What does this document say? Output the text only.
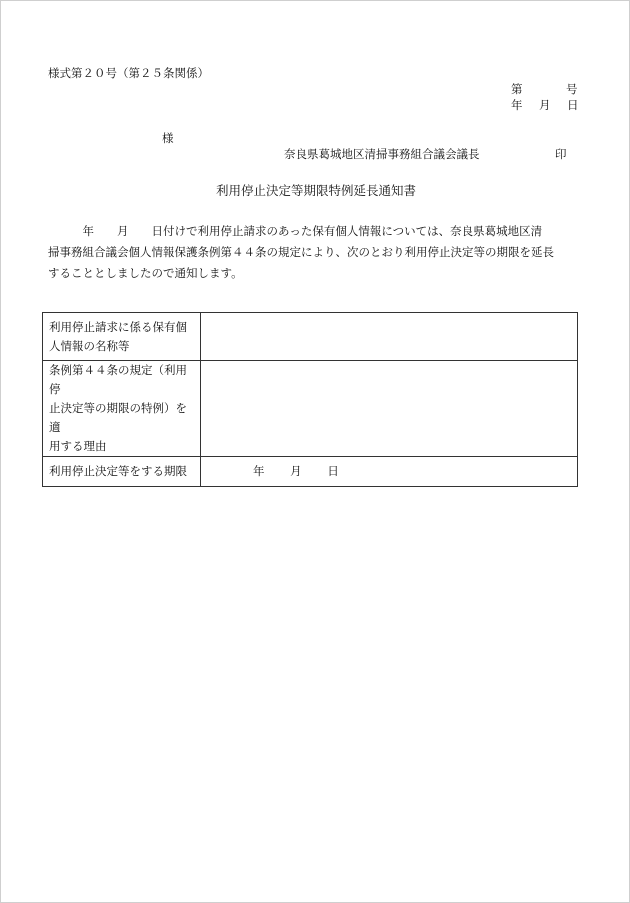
様式第２０号（第２５条関係）
第	号
年 月 日
様
奈良県葛城地区清掃事務組合議会議長	印
利用停止決定等期限特例延長通知書
　　　年　　月　　日付けで利用停止請求のあった保有個人情報については、奈良県葛城地区清
掃事務組合議会個人情報保護条例第４４条の規定により、次のとおり利用停止決定等の期限を延長
することとしましたので通知します。
利用停止請求に係る保有個
人情報の名称等	

条例第４４条の規定（利用停
止決定等の期限の特例）を適
用する理由	

利用停止決定等をする期限	年 月 日
